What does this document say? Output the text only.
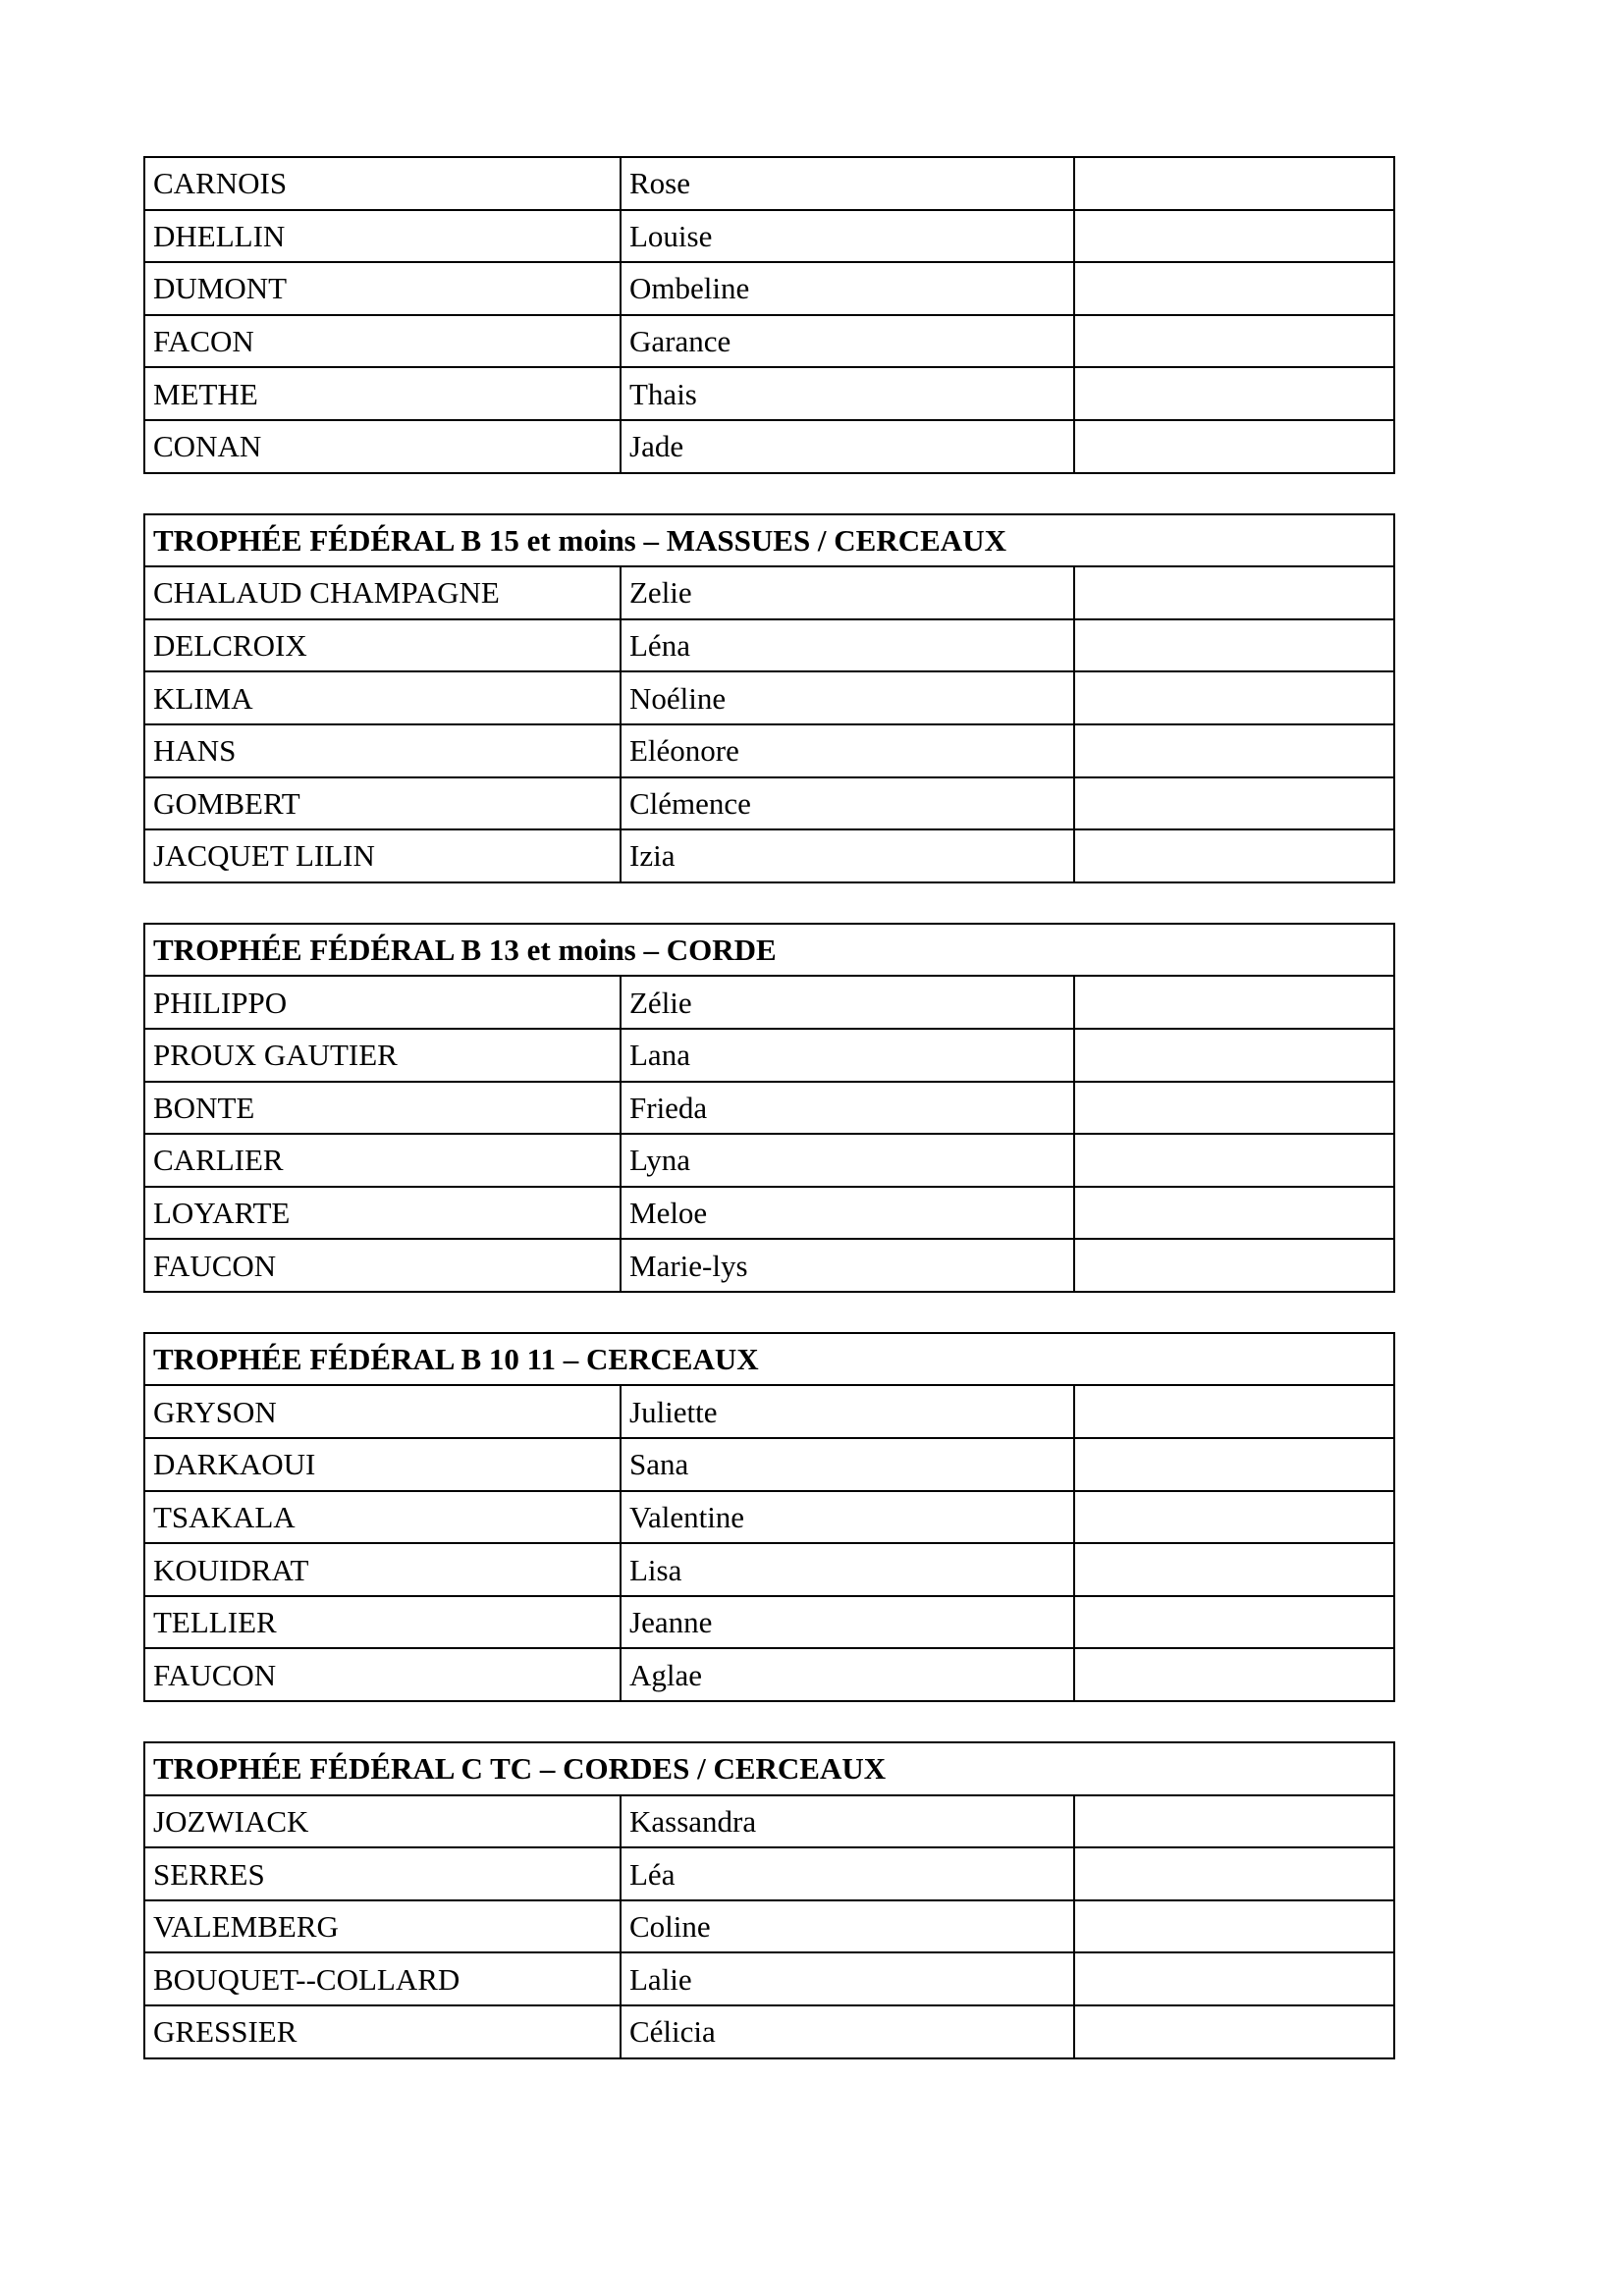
CARNOIS	Rose	
DHELLIN	Louise	
DUMONT	Ombeline	
FACON	Garance	
METHE	Thais	
CONAN	Jade	
TROPHÉE FÉDÉRAL B 15 et moins – MASSUES / CERCEAUX		
CHALAUD CHAMPAGNE	Zelie	
DELCROIX	Léna	
KLIMA	Noéline	
HANS	Eléonore	
GOMBERT	Clémence	
JACQUET LILIN	Izia	
TROPHÉE FÉDÉRAL B 13 et moins – CORDE		
PHILIPPO	Zélie	
PROUX GAUTIER	Lana	
BONTE	Frieda	
CARLIER	Lyna	
LOYARTE	Meloe	
FAUCON	Marie-lys	
TROPHÉE FÉDÉRAL B 10 11 – CERCEAUX		
GRYSON	Juliette	
DARKAOUI	Sana	
TSAKALA	Valentine	
KOUIDRAT	Lisa	
TELLIER	Jeanne	
FAUCON	Aglae	
TROPHÉE FÉDÉRAL C TC – CORDES / CERCEAUX		
JOZWIACK	Kassandra	
SERRES	Léa	
VALEMBERG	Coline	
BOUQUET--COLLARD	Lalie	
GRESSIER	Célicia	
